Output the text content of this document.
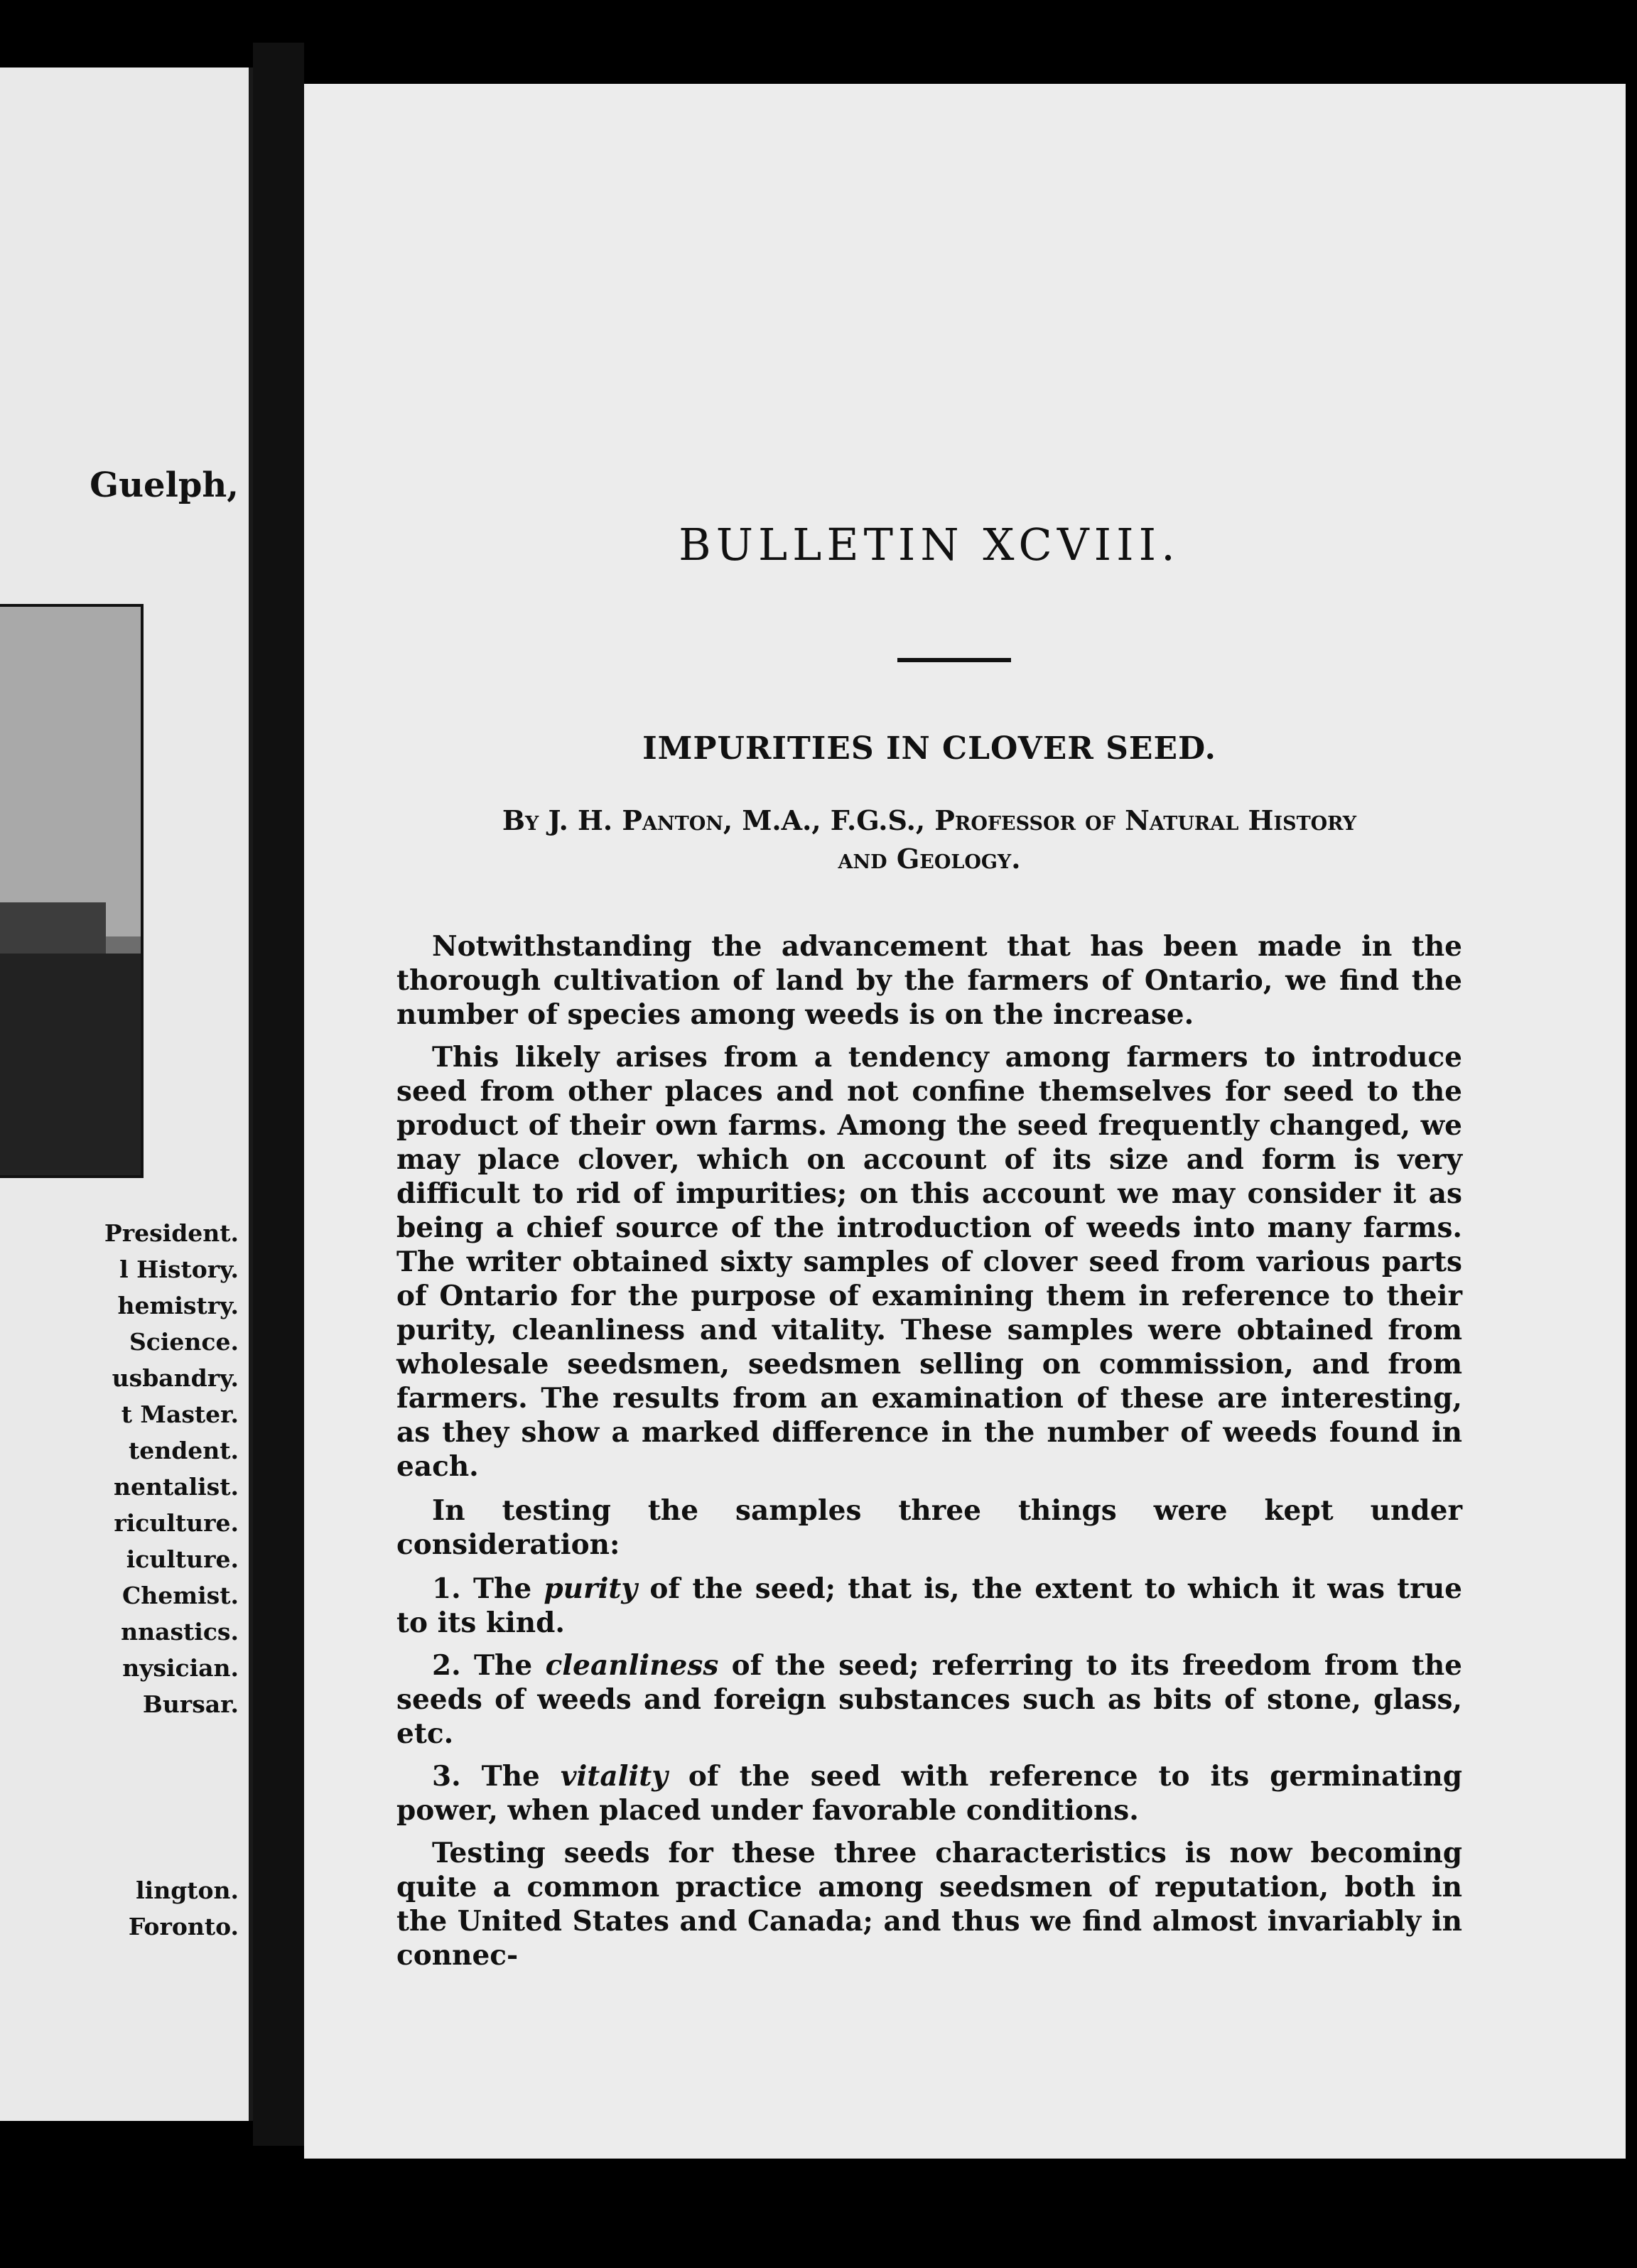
Guelph,
President.
l History.
hemistry.
Science.
usbandry.
t Master.
tendent.
nentalist.
riculture.
iculture.
Chemist.
nnastics.
nysician.
Bursar.
lington.
Foronto.
BULLETIN XCVIII.
IMPURITIES IN CLOVER SEED.
By J. H. Panton, M.A., F.G.S., Professor of Natural History
and Geology.

Notwithstanding the advancement that has been made in the thorough cultivation of land by the farmers of Ontario, we find the number of species among weeds is on the increase.

This likely arises from a tendency among farmers to introduce seed from other places and not confine themselves for seed to the product of their own farms. Among the seed frequently changed, we may place clover, which on account of its size and form is very difficult to rid of impurities; on this account we may consider it as being a chief source of the introduction of weeds into many farms. The writer obtained sixty samples of clover seed from various parts of Ontario for the purpose of examining them in reference to their purity, cleanliness and vitality. These samples were obtained from wholesale seedsmen, seedsmen selling on commission, and from farmers. The results from an examination of these are interesting, as they show a marked difference in the number of weeds found in each.

In testing the samples three things were kept under consideration:

1. The purity of the seed; that is, the extent to which it was true to its kind.

2. The cleanliness of the seed; referring to its freedom from the seeds of weeds and foreign substances such as bits of stone, glass, etc.

3. The vitality of the seed with reference to its germinating power, when placed under favorable conditions.

Testing seeds for these three characteristics is now becoming quite a common practice among seedsmen of reputation, both in the United States and Canada; and thus we find almost invariably in connec-
